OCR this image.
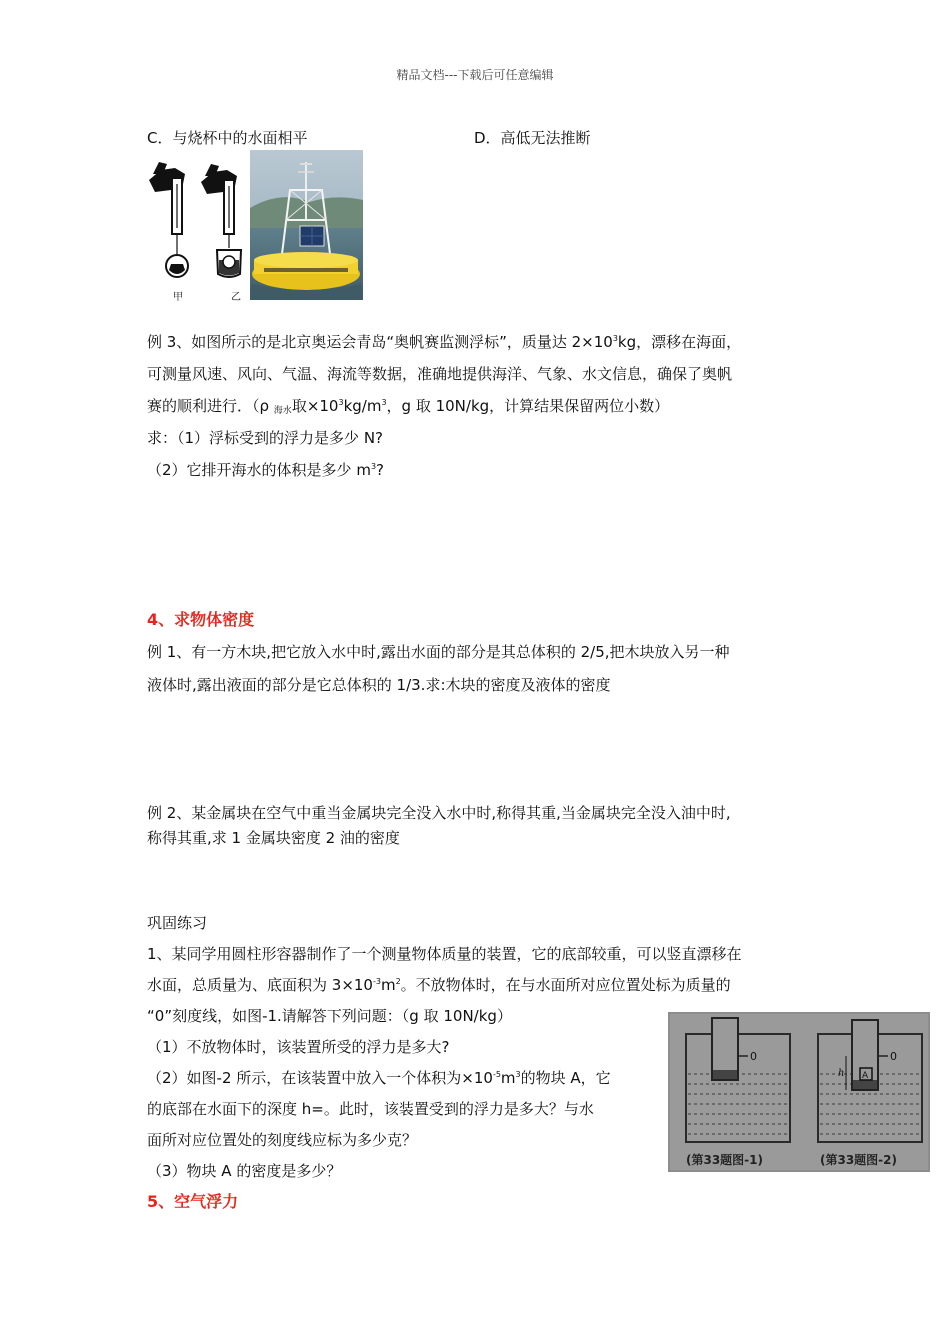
精品文档---下载后可任意编辑
C．与烧杯中的水面相平	D．高低无法推断
甲	乙
例 3、如图所示的是北京奥运会青岛“奥帆赛监测浮标”，质量达 $2\times 10^3kg$，漂移在海面，
可测量风速、风向、气温、海流等数据，准确地提供海洋、气象、水文信息，确保了奥帆
赛的顺利进行．（ρ $_{海水}$取$\times 10^3kg/m^3$，g 取 10N/kg，计算结果保留两位小数）
求：（1）浮标受到的浮力是多少 N?
（2）它排开海水的体积是多少 $m^3$?
4、求物体密度
例 1、有一方木块,把它放入水中时,露出水面的部分是其总体积的 2/5,把木块放入另一种
液体时,露出液面的部分是它总体积的 1/3.求:木块的密度及液体的密度
例 2、某金属块在空气中重当金属块完全没入水中时,称得其重,当金属块完全没入油中时,
称得其重,求 1 金属块密度 2 油的密度
巩固练习
1、某同学用圆柱形容器制作了一个测量物体质量的装置，它的底部较重，可以竖直漂移在
水面，总质量为、底面积为 $3\times 10^{-3}m^2$。不放物体时，在与水面所对应位置处标为质量的
“0”刻度线，如图-1.请解答下列问题：（g 取 10N/kg）
（1）不放物体时，该装置所受的浮力是多大?
（2）如图-2 所示，在该装置中放入一个体积为$\times 10^{-5}m^3$的物块 A，它
的底部在水面下的深度 h=。此时，该装置受到的浮力是多大？与水
面所对应位置处的刻度线应标为多少克？
（3）物块 A 的密度是多少？
0
A
h
0
(第33题图-1)	(第33题图-2)
5、空气浮力
